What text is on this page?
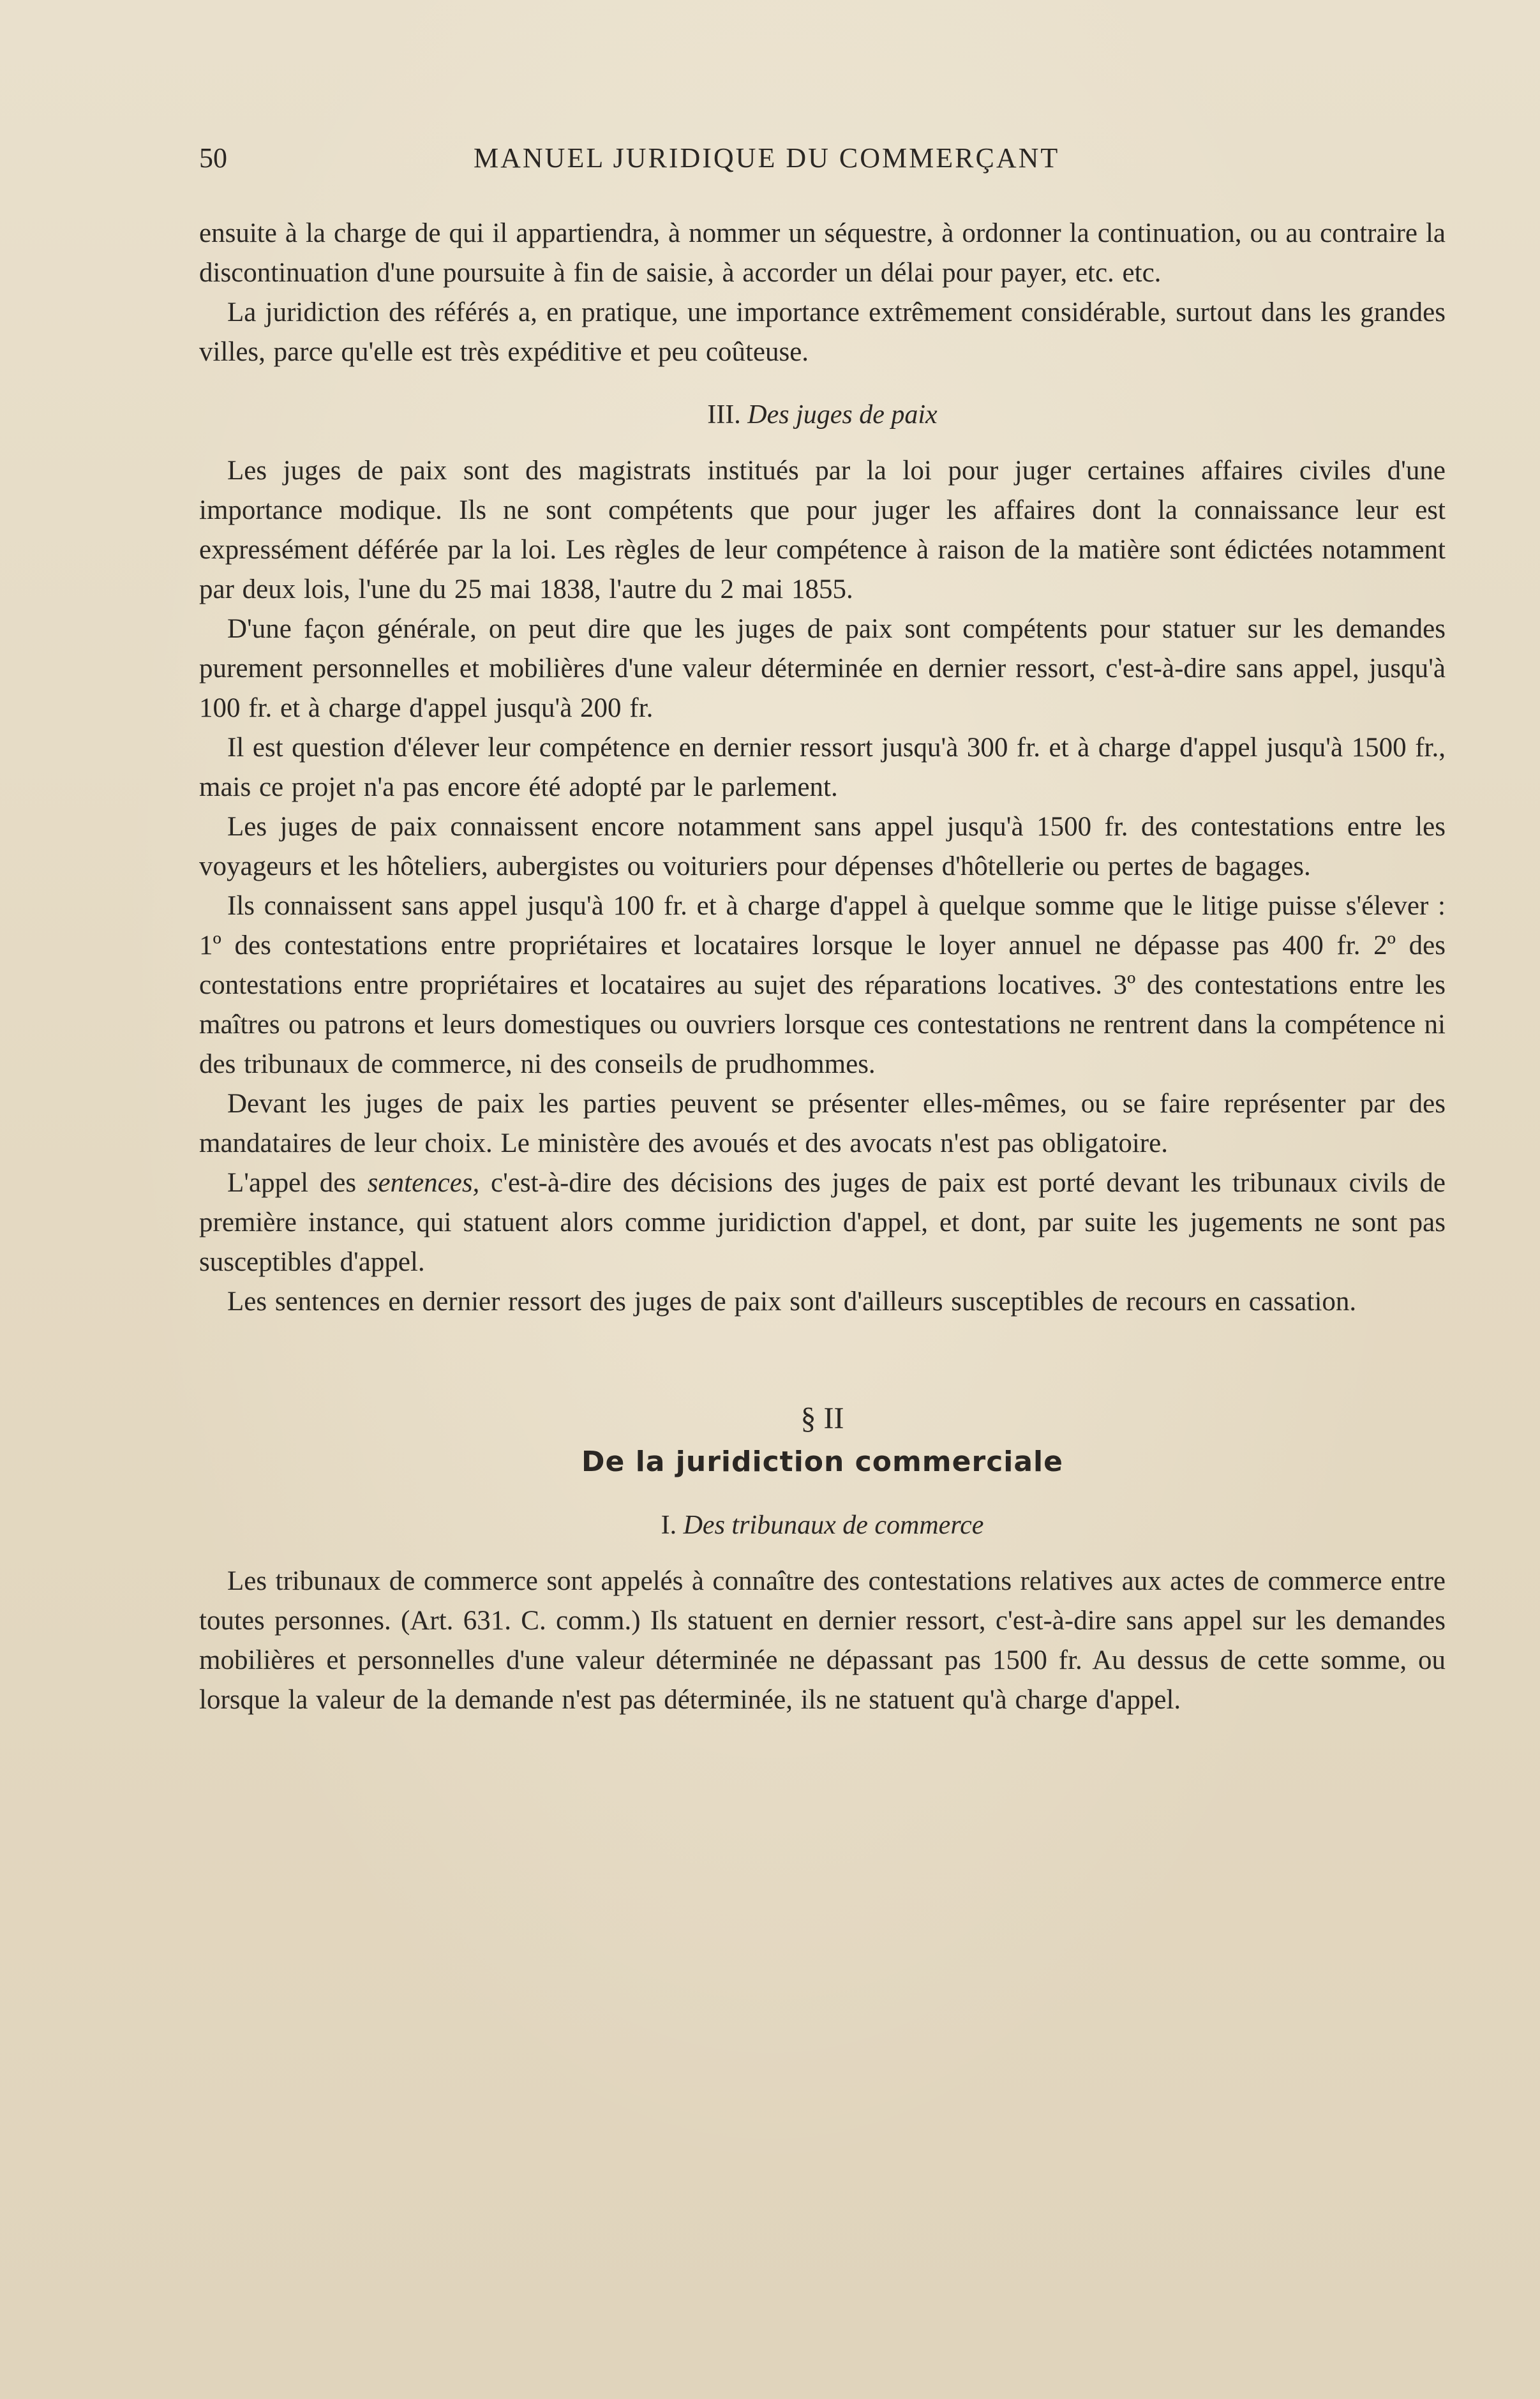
50	MANUEL JURIDIQUE DU COMMERÇANT

ensuite à la charge de qui il appartiendra, à nommer un séquestre, à ordonner la continuation, ou au contraire la discontinuation d'une poursuite à fin de saisie, à accorder un délai pour payer, etc. etc.

La juridiction des référés a, en pratique, une importance extrêmement considérable, surtout dans les grandes villes, parce qu'elle est très expéditive et peu coûteuse.

III. Des juges de paix

Les juges de paix sont des magistrats institués par la loi pour juger certaines affaires civiles d'une importance modique. Ils ne sont compétents que pour juger les affaires dont la connaissance leur est expressément déférée par la loi. Les règles de leur compétence à raison de la matière sont édictées notamment par deux lois, l'une du 25 mai 1838, l'autre du 2 mai 1855.

D'une façon générale, on peut dire que les juges de paix sont compétents pour statuer sur les demandes purement personnelles et mobilières d'une valeur déterminée en dernier ressort, c'est-à-dire sans appel, jusqu'à 100 fr. et à charge d'appel jusqu'à 200 fr.

Il est question d'élever leur compétence en dernier ressort jusqu'à 300 fr. et à charge d'appel jusqu'à 1500 fr., mais ce projet n'a pas encore été adopté par le parlement.

Les juges de paix connaissent encore notamment sans appel jusqu'à 1500 fr. des contestations entre les voyageurs et les hôteliers, aubergistes ou voituriers pour dépenses d'hôtellerie ou pertes de bagages.

Ils connaissent sans appel jusqu'à 100 fr. et à charge d'appel à quelque somme que le litige puisse s'élever : 1º des contestations entre propriétaires et locataires lorsque le loyer annuel ne dépasse pas 400 fr. 2º des contestations entre propriétaires et locataires au sujet des réparations locatives. 3º des contestations entre les maîtres ou patrons et leurs domestiques ou ouvriers lorsque ces contestations ne rentrent dans la compétence ni des tribunaux de commerce, ni des conseils de prudhommes.

Devant les juges de paix les parties peuvent se présenter elles-mêmes, ou se faire représenter par des mandataires de leur choix. Le ministère des avoués et des avocats n'est pas obligatoire.

L'appel des sentences, c'est-à-dire des décisions des juges de paix est porté devant les tribunaux civils de première instance, qui statuent alors comme juridiction d'appel, et dont, par suite les jugements ne sont pas susceptibles d'appel.

Les sentences en dernier ressort des juges de paix sont d'ailleurs susceptibles de recours en cassation.

§ II
De la juridiction commerciale
I. Des tribunaux de commerce

Les tribunaux de commerce sont appelés à connaître des contestations relatives aux actes de commerce entre toutes personnes. (Art. 631. C. comm.) Ils statuent en dernier ressort, c'est-à-dire sans appel sur les demandes mobilières et personnelles d'une valeur déterminée ne dépassant pas 1500 fr. Au dessus de cette somme, ou lorsque la valeur de la demande n'est pas déterminée, ils ne statuent qu'à charge d'appel.
